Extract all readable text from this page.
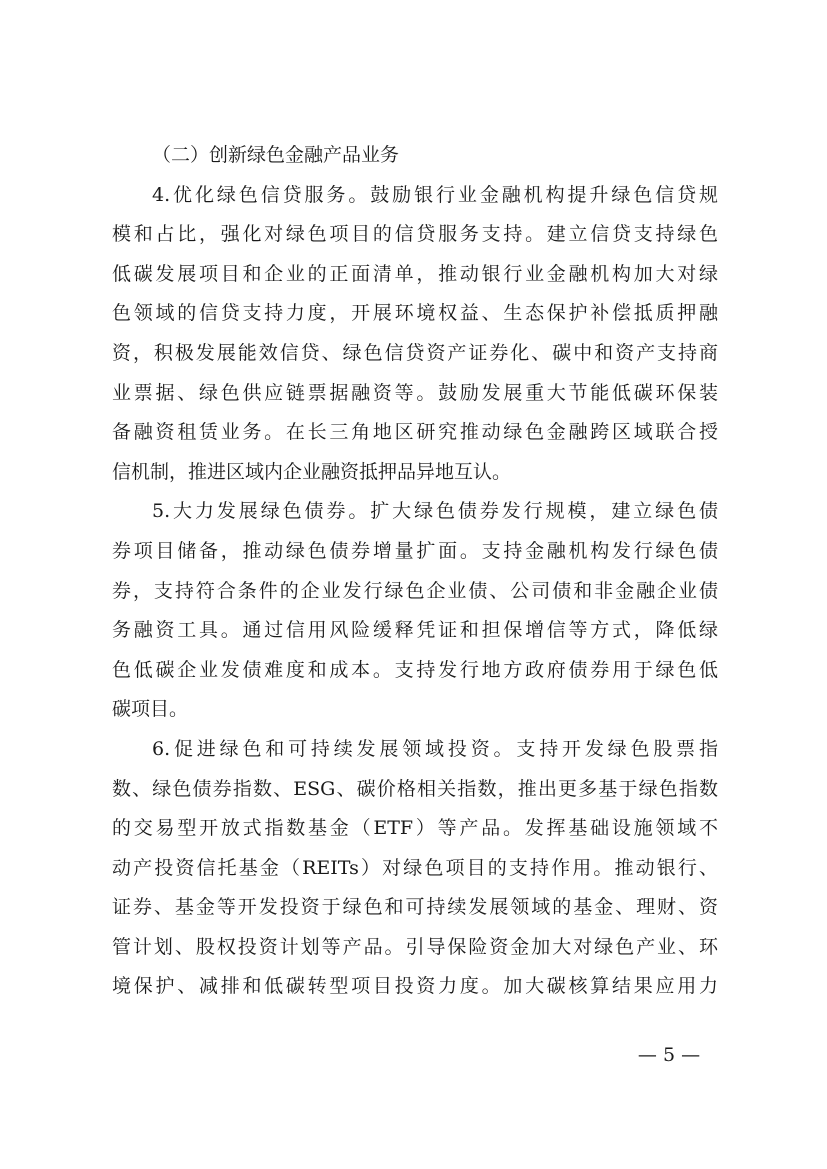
（二）创新绿色金融产品业务
4.优化绿色信贷服务。鼓励银行业金融机构提升绿色信贷规
模和占比，强化对绿色项目的信贷服务支持。建立信贷支持绿色
低碳发展项目和企业的正面清单，推动银行业金融机构加大对绿
色领域的信贷支持力度，开展环境权益、生态保护补偿抵质押融
资，积极发展能效信贷、绿色信贷资产证券化、碳中和资产支持商
业票据、绿色供应链票据融资等。鼓励发展重大节能低碳环保装
备融资租赁业务。在长三角地区研究推动绿色金融跨区域联合授
信机制，推进区域内企业融资抵押品异地互认。
5.大力发展绿色债券。扩大绿色债券发行规模，建立绿色债
券项目储备，推动绿色债券增量扩面。支持金融机构发行绿色债
券，支持符合条件的企业发行绿色企业债、公司债和非金融企业债
务融资工具。通过信用风险缓释凭证和担保增信等方式，降低绿
色低碳企业发债难度和成本。支持发行地方政府债券用于绿色低
碳项目。
6.促进绿色和可持续发展领域投资。支持开发绿色股票指
数、绿色债券指数、ESG、碳价格相关指数，推出更多基于绿色指数
的交易型开放式指数基金（ETF）等产品。发挥基础设施领域不
动产投资信托基金（REITs）对绿色项目的支持作用。推动银行、
证券、基金等开发投资于绿色和可持续发展领域的基金、理财、资
管计划、股权投资计划等产品。引导保险资金加大对绿色产业、环
境保护、减排和低碳转型项目投资力度。加大碳核算结果应用力
— 5 —
